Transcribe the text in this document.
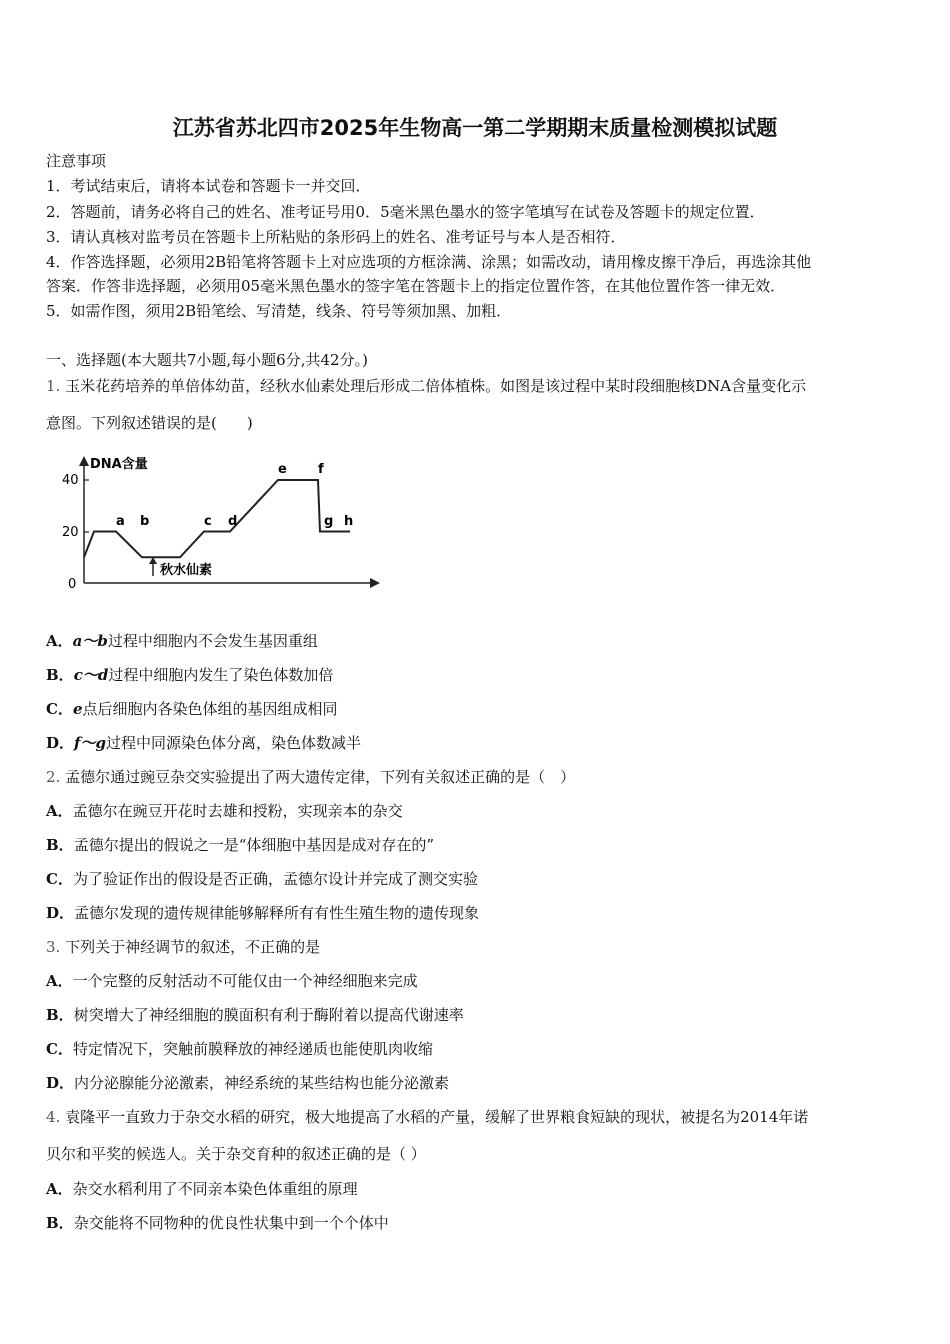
江苏省苏北四市2025年生物高一第二学期期末质量检测模拟试题
注意事项
1．考试结束后，请将本试卷和答题卡一并交回．
2．答题前，请务必将自己的姓名、准考证号用0．5毫米黑色墨水的签字笔填写在试卷及答题卡的规定位置．
3．请认真核对监考员在答题卡上所粘贴的条形码上的姓名、准考证号与本人是否相符．
4．作答选择题，必须用2B铅笔将答题卡上对应选项的方框涂满、涂黑；如需改动，请用橡皮擦干净后，再选涂其他
答案．作答非选择题，必须用05毫米黑色墨水的签字笔在答题卡上的指定位置作答，在其他位置作答一律无效．
5．如需作图，须用2B铅笔绘、写清楚，线条、符号等须加黑、加粗．
一、选择题(本大题共7小题,每小题6分,共42分。)
1. 玉米花药培养的单倍体幼苗，经秋水仙素处理后形成二倍体植株。如图是该过程中某时段细胞核DNA含量变化示
意图。下列叙述错误的是(　　)
DNA含量
40
20
0
a b	c d
e f
g h
秋水仙素
A．a～b过程中细胞内不会发生基因重组
B．c～d过程中细胞内发生了染色体数加倍
C．e点后细胞内各染色体组的基因组成相同
D．f～g过程中同源染色体分离，染色体数减半
2. 孟德尔通过豌豆杂交实验提出了两大遗传定律，下列有关叙述正确的是（　）
A．孟德尔在豌豆开花时去雄和授粉，实现亲本的杂交
B．孟德尔提出的假说之一是“体细胞中基因是成对存在的”
C．为了验证作出的假设是否正确，孟德尔设计并完成了测交实验
D．孟德尔发现的遗传规律能够解释所有有性生殖生物的遗传现象
3. 下列关于神经调节的叙述，不正确的是
A．一个完整的反射活动不可能仅由一个神经细胞来完成
B．树突增大了神经细胞的膜面积有利于酶附着以提高代谢速率
C．特定情况下，突触前膜释放的神经递质也能使肌肉收缩
D．内分泌腺能分泌激素，神经系统的某些结构也能分泌激素
4. 袁隆平一直致力于杂交水稻的研究，极大地提高了水稻的产量，缓解了世界粮食短缺的现状，被提名为2014年诺
贝尔和平奖的候选人。关于杂交育种的叙述正确的是（ ）
A．杂交水稻利用了不同亲本染色体重组的原理
B．杂交能将不同物种的优良性状集中到一个个体中
